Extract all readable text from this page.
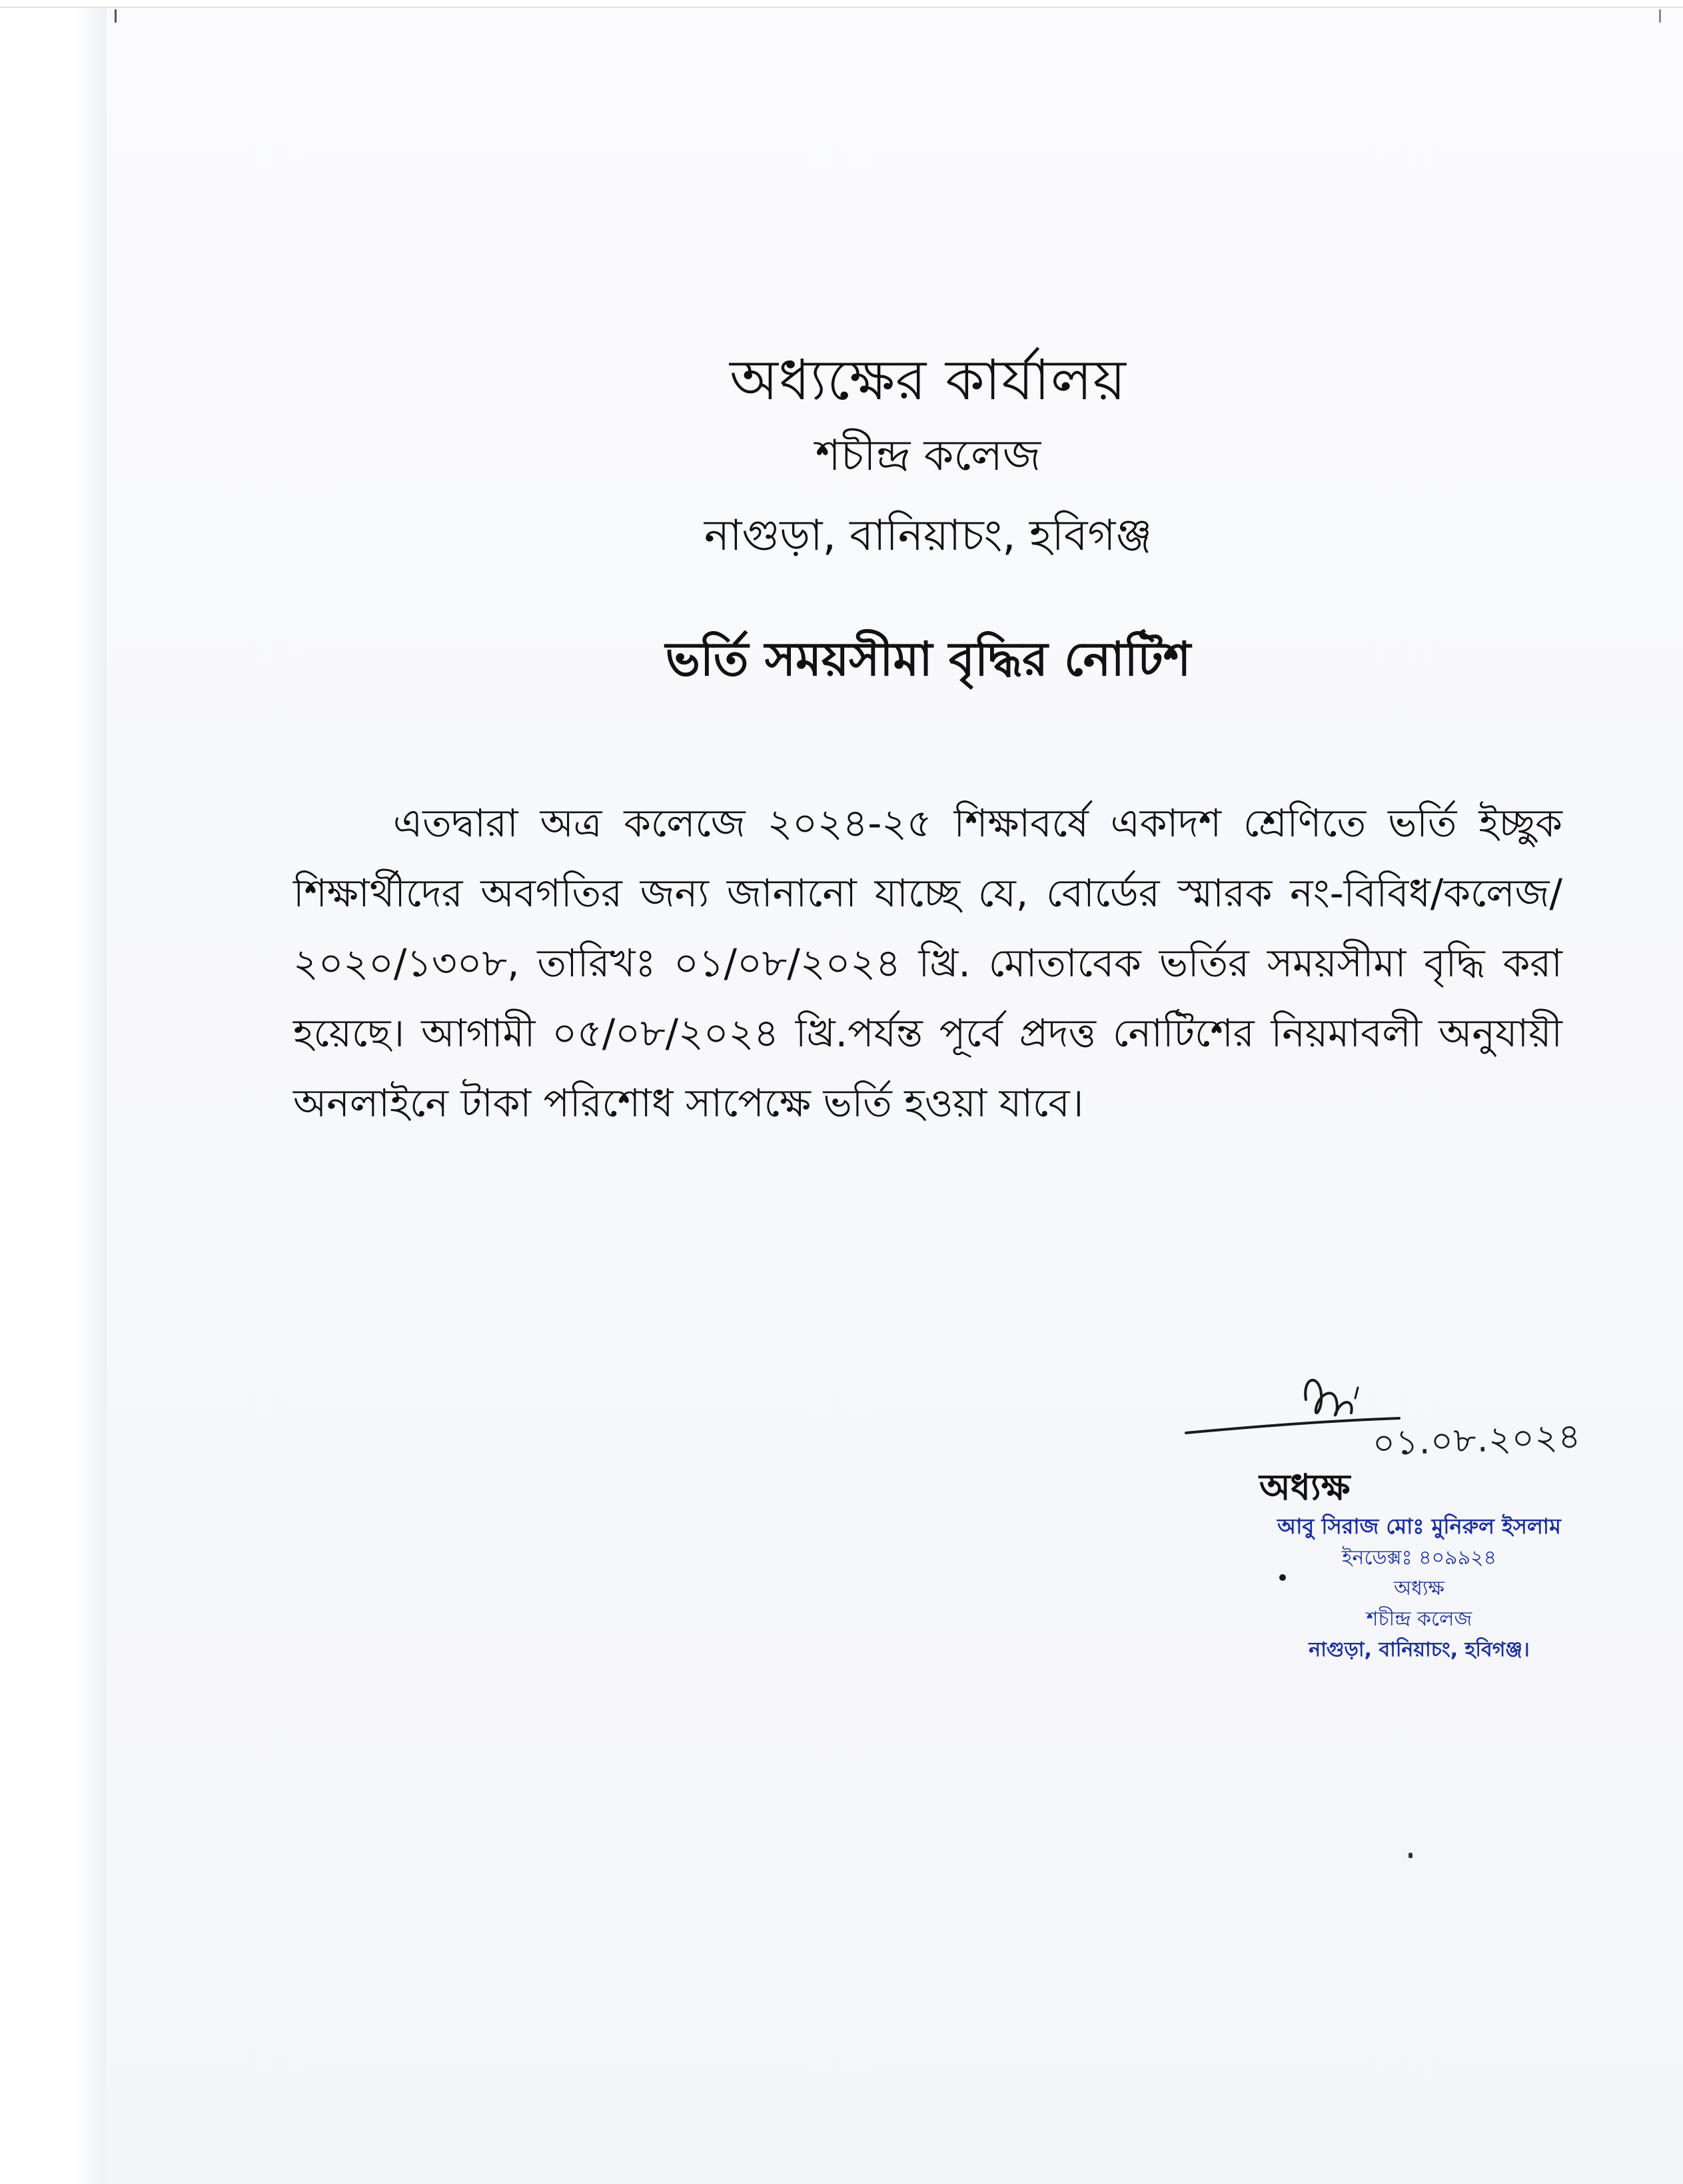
অধ্যক্ষের কার্যালয়
শচীন্দ্র কলেজ
নাগুড়া, বানিয়াচং, হবিগঞ্জ
ভর্তি সময়সীমা বৃদ্ধির নোটিশ

এতদ্বারা অত্র কলেজে ২০২৪-২৫ শিক্ষাবর্ষে একাদশ শ্রেণিতে ভর্তি ইচ্ছুক শিক্ষার্থীদের অবগতির জন্য জানানো যাচ্ছে যে, বোর্ডের স্মারক নং-বিবিধ/কলেজ/২০২০/১৩০৮, তারিখঃ ০১/০৮/২০২৪ খ্রি. মোতাবেক ভর্তির সময়সীমা বৃদ্ধি করা হয়েছে। আগামী ০৫/০৮/২০২৪ খ্রি.পর্যন্ত পূর্বে প্রদত্ত নোটিশের নিয়মাবলী অনুযায়ী অনলাইনে টাকা পরিশোধ সাপেক্ষে ভর্তি হওয়া যাবে।

০১.০৮.২০২৪
অধ্যক্ষ
আবু সিরাজ মোঃ মুনিরুল ইসলাম
ইনডেক্সঃ ৪০৯৯২৪
অধ্যক্ষ
শচীন্দ্র কলেজ
নাগুড়া, বানিয়াচং, হবিগঞ্জ।
